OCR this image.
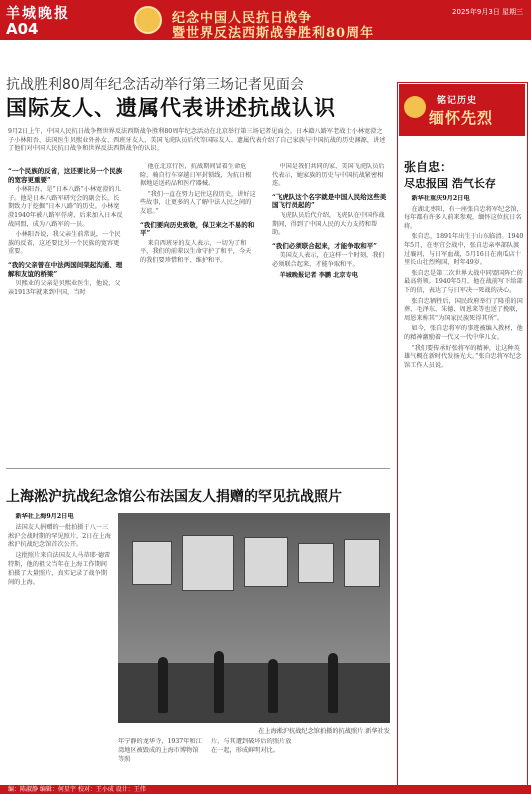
羊城晚报
A04
纪念中国人民抗日战争
暨世界反法西斯战争胜利80周年
2025年9月3日 星期三
抗战胜利80周年纪念活动举行第三场记者见面会
国际友人、遗属代表讲述抗战认识
9月2日上午，中国人民抗日战争暨世界反法西斯战争胜利80周年纪念活动在北京举行第三场记者见面会。日本籍八路军老战士小林宽澄之子小林阳吾、法国医生贝熙业外孙女、西班牙友人、美国飞虎队员后代等国际友人、遗属代表介绍了自己家族与中国抗战的历史渊源，讲述了他们对中国人民抗日战争和世界反法西斯战争的认识。
“一个民族的反省，这还要比另一个民族的宽容更重要”

小林阳吾，是“日本八路”小林宽澄的儿子。他是日本八路军研究会的副会长，长期致力于挖掘“日本八路”的历史。小林宽澄1940年被八路军俘虏，后来加入日本反战同盟，成为八路军的一员。

小林阳吾说，我父亲生前常说，一个民族的反省，这还要比另一个民族的宽容更重要。

“我的父亲曾在中法两国间架起沟通、理解和友谊的桥梁”

贝熙业的父亲是贝熙业医生，他说，父亲1913年就来到中国，当时

他在北京行医，抗战期间冒着生命危险，骑自行车穿越日军封锁线，为抗日根据地运送药品和医疗器械。

“我们一直在努力记住这段历史，讲好这些故事，让更多的人了解中法人民之间的友谊。”

“我们要向历史致敬，保卫来之不易的和平”

来自西班牙的友人表示，一切为了和平，我们的前辈以生命守护了和平，今天的我们要珍惜和平、维护和平。

中国是我们共同的家，美国飞虎队员后代表示，她家族的历史与中国抗战紧密相连。

“飞虎队这个名字就是中国人民给这些美国飞行员起的”

飞虎队员后代介绍，飞虎队在中国作战期间，得到了中国人民的大力支持和帮助。

“我们必须联合起来，才能争取和平”

美国友人表示，在这样一个时刻，我们必须联合起来，才能争取和平。

羊城晚报记者 李鹏 北京专电

上海淞沪抗战纪念馆公布法国友人捐赠的罕见抗战照片

新华社上海9月2日电

法国友人捐赠的一批拍摄于八一三淞沪会战时期的罕见照片，2日在上海淞沪抗战纪念馆首次公开。

这批照片来自法国友人马蒂耶·德雷特斯，他的祖父当年在上海工作期间拍摄了大量照片，真实记录了战争期间的上海。

在上海淞沪抗战纪念馆拍摄的抗战照片 新华社发
年宁静的龙华寺，1937年和江湾地区被毁成的上海市博物馆等照
片，与其遭到破坏后的照片放在一起，形成鲜明对比。
铭记历史
缅怀先烈
张自忠：
尽忠报国 浩气长存

新华社重庆9月2日电

在湖北枣阳，有一座张自忠将军纪念馆，每年都有许多人前来参观，缅怀这位抗日名将。

张自忠，1891年出生于山东临清。1940年5月，在枣宜会战中，张自忠亲率部队渡过襄河，与日军血战，5月16日在南瓜店十里长山壮烈殉国，时年49岁。

张自忠是第二次世界大战中同盟国阵亡的最高将领。1940年5月，他在战前写下给部下的信，表达了与日军决一死战的决心。

张自忠牺牲后，国民政府举行了隆重的国葬，毛泽东、朱德、周恩来等也送了挽联，周恩来称其“为国家民族死得其所”。

如今，张自忠将军的事迹被编入教材，他的精神激励着一代又一代中华儿女。

“我们要传承好张将军的精神，让这种英雄气概在新时代发扬光大。”张自忠将军纪念馆工作人员说。

编：陈淑静 编辑：何星宇 校对：王小成 设计：王伟
